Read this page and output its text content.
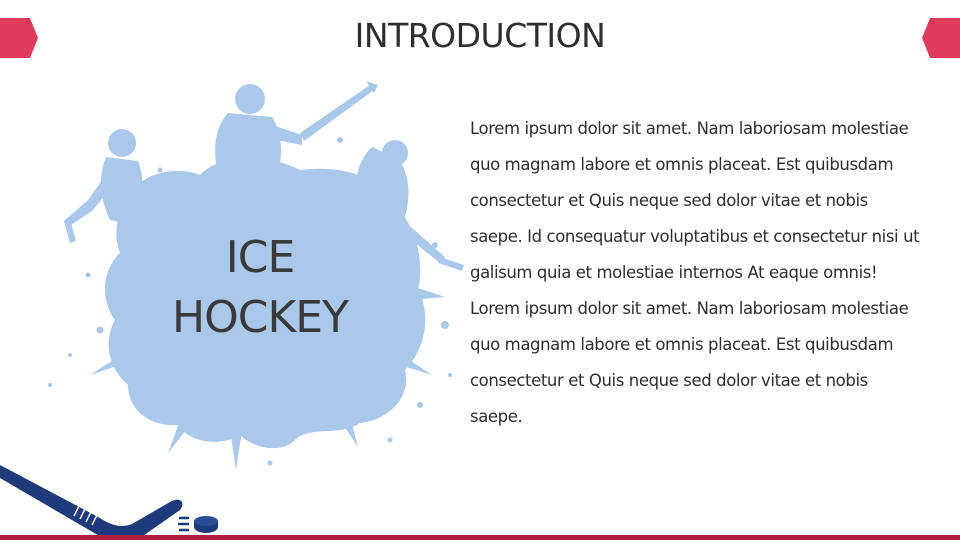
INTRODUCTION
ICE
HOCKEY
Lorem ipsum dolor sit amet. Nam laboriosam molestiae quo magnam labore et omnis placeat. Est quibusdam consectetur et Quis neque sed dolor vitae et nobis saepe. Id consequatur voluptatibus et consectetur nisi ut galisum quia et molestiae internos At eaque omnis! Lorem ipsum dolor sit amet. Nam laboriosam molestiae quo magnam labore et omnis placeat. Est quibusdam consectetur et Quis neque sed dolor vitae et nobis saepe.
